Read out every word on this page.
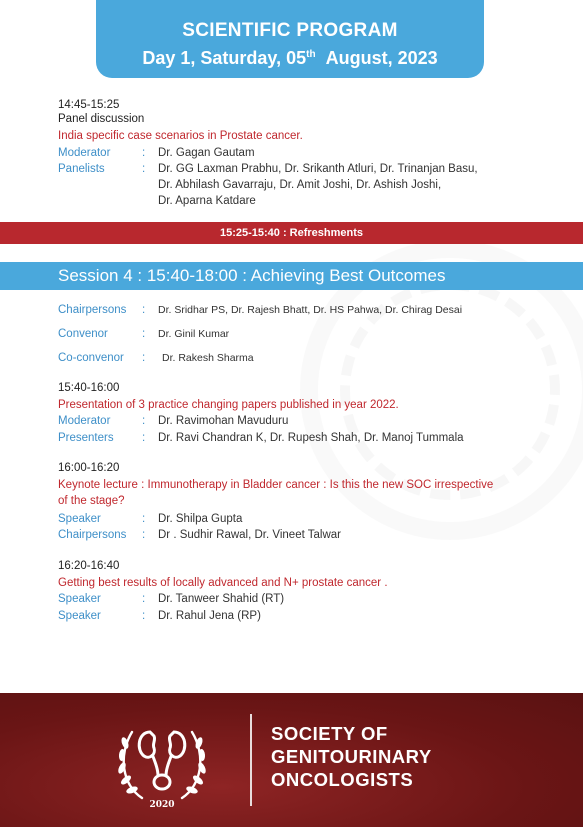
SCIENTIFIC PROGRAM
Day 1, Saturday, 05th August, 2023
14:45-15:25
Panel discussion
India specific case scenarios in Prostate cancer.
Moderator	: Dr. Gagan Gautam
Panelists	: Dr. GG Laxman Prabhu, Dr. Srikanth Atluri, Dr. Trinanjan Basu,
Dr. Abhilash Gavarraju, Dr. Amit Joshi, Dr. Ashish Joshi,
Dr. Aparna Katdare
15:25-15:40 : Refreshments
Session 4 : 15:40-18:00 : Achieving Best Outcomes
Chairpersons : Dr. Sridhar PS, Dr. Rajesh Bhatt, Dr. HS Pahwa, Dr. Chirag Desai
Convenor	: Dr. Ginil Kumar
Co-convenor : Dr. Rakesh Sharma
15:40-16:00
Presentation of 3 practice changing papers published in year 2022.
Moderator	: Dr. Ravimohan Mavuduru
Presenters : Dr. Ravi Chandran K, Dr. Rupesh Shah, Dr. Manoj Tummala
16:00-16:20
Keynote lecture : Immunotherapy in Bladder cancer : Is this the new SOC irrespective
of the stage?
Speaker	: Dr. Shilpa Gupta
Chairpersons : Dr . Sudhir Rawal, Dr. Vineet Talwar
16:20-16:40
Getting best results of locally advanced and N+ prostate cancer .
Speaker	: Dr. Tanweer Shahid (RT)
Speaker	: Dr. Rahul Jena (RP)
2020
SOCIETY OF
GENITOURINARY
ONCOLOGISTS
